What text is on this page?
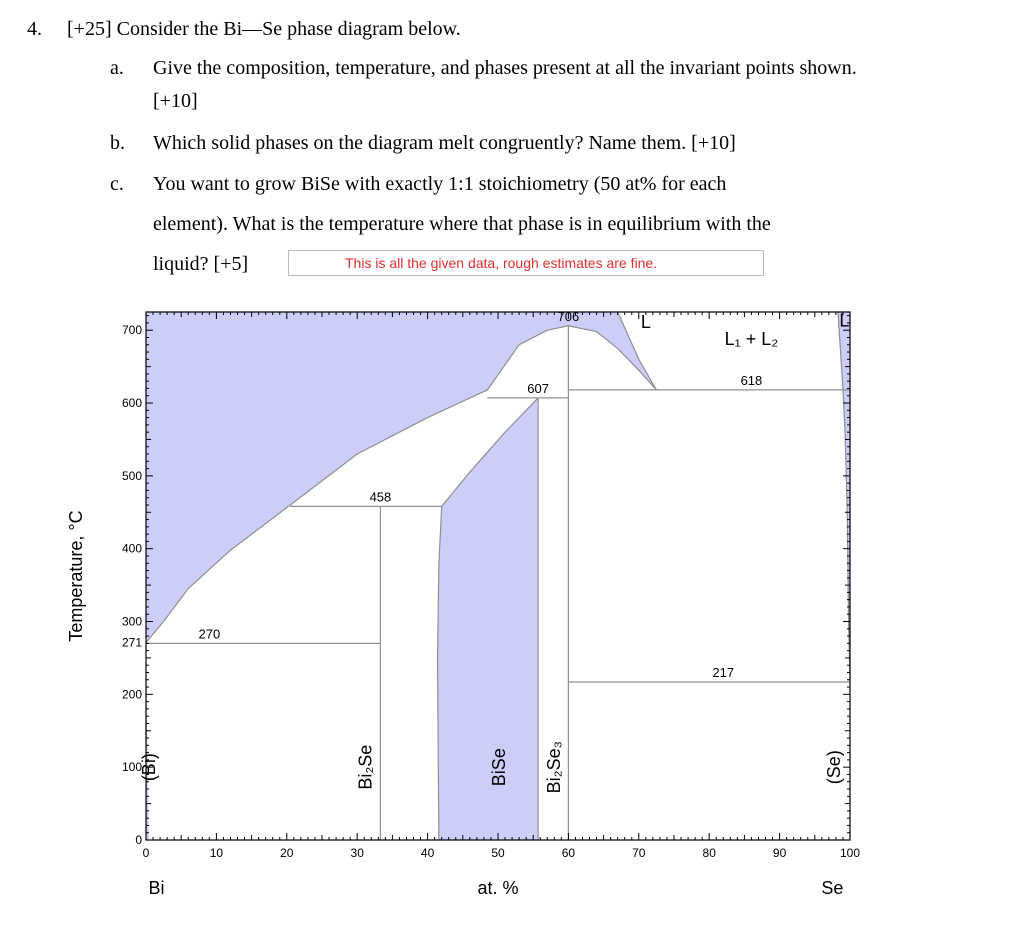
4. [+25] Consider the Bi—Se phase diagram below.
a. Give the composition, temperature, and phases present at all the invariant points shown.
[+10]
b. Which solid phases on the diagram melt congruently? Name them. [+10]
c. You want to grow BiSe with exactly 1:1 stoichiometry (50 at% for each
element). What is the temperature where that phase is in equilibrium with the
liquid? [+5]	This is all the given data, rough estimates are fine.
0	10	20	30	40	50	60	70	80	90	100
0
100
200
300
400
500
600
700
271
at. %
Bi	Se
Temperature, °C
706
607
458
270
618
217
L
L₁ + L₂
L
(Bi)	Bi₂Se	BiSe Bi₂Se₃	(Se)
